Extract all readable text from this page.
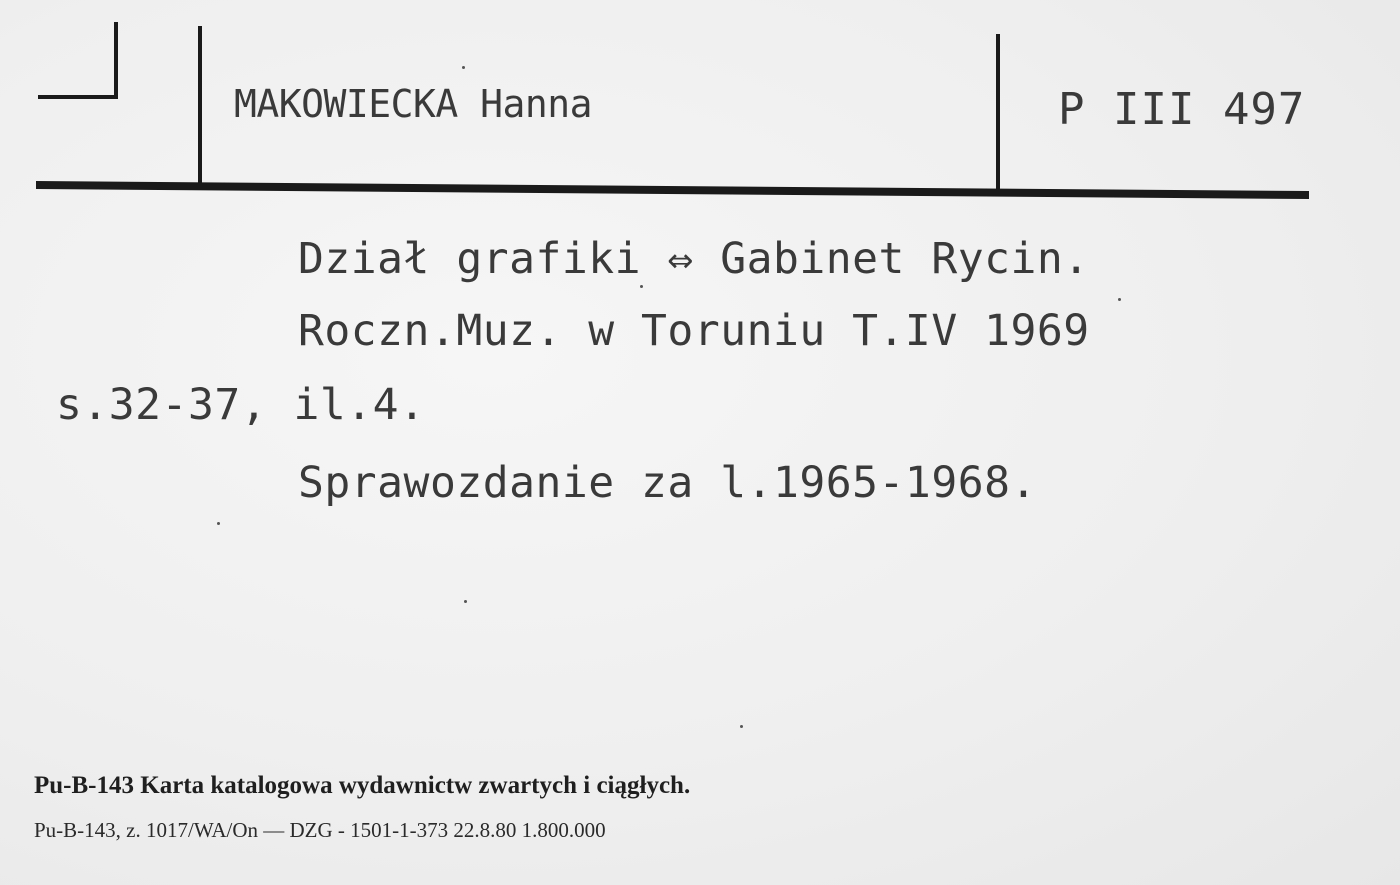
MAKOWIECKA Hanna	P III 497
Dział grafiki ⇔ Gabinet Rycin.
Roczn.Muz. w Toruniu T.IV 1969
s.32-37, il.4.
Sprawozdanie za l.1965-1968.
Pu-B-143 Karta katalogowa wydawnictw zwartych i ciągłych.
Pu-B-143, z. 1017/WA/On — DZG - 1501-1-373 22.8.80 1.800.000
